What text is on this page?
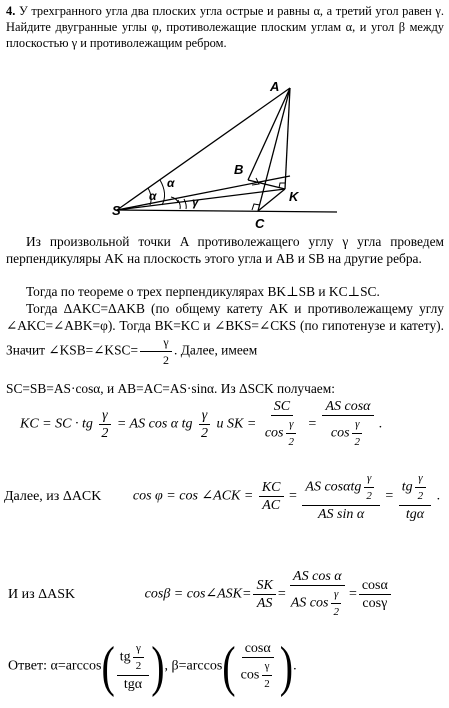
4. У трехгранного угла два плоских угла острые и равны α, а третий угол равен γ. Найдите двугранные углы φ, противолежащие плоским углам α, и угол β между плоскостью γ и противолежащим ребром.
A
B
K
S
C
α
α	γ
Из произвольной точки A противолежащего углу γ угла проведем перпендикуляры AK на плоскость этого угла и AB и SB на другие ребра.
Тогда по теореме о трех перпендикулярах BK⊥SB и KC⊥SC.
Тогда ΔAKC=ΔAKB (по общему катету AK и противолежащему углу ∠AKC=∠ABK=φ). Тогда BK=KC и ∠BKS=∠CKS (по гипотенузе и катету). Значит ∠KSB=∠KSC= $\frac{\gamma}{2}$ . Далее, имеем
SC=SB=AS·cosα, и AB=AC=AS·sinα. Из ΔSCK получаем:
KC = SC · tg $\frac{\gamma}{2}$ = AS cos α tg $\frac{\gamma}{2}$ и SK = $\frac{SC}{\cos \frac{\gamma}{2}} = \frac{\text{AS cosα}}{\cos \frac{\gamma}{2}}$ .
Далее, из ΔACK cos φ = cos ∠ACK = $\frac{KC}{AC} = \frac{AS \cos\alpha tg \frac{\gamma}{2}}{\text{AS sin α}} = \frac{tg \frac{\gamma}{2}}{\text{tgα}}$ .
И из ΔASK	cosβ = cos∠ASK= $\frac{SK}{AS} = \frac{\text{AS cos α}}{AS \cos \frac{\gamma}{2}} = \frac{\cos\alpha}{\cos\gamma}$
Ответ: $\alpha=\arccos( \frac{tg \frac{\gamma}{2}}{\text{tgα}}$ ), $\beta=\arccos( \frac{\cos\alpha}{\cos \frac{\gamma}{2}}$ ).
